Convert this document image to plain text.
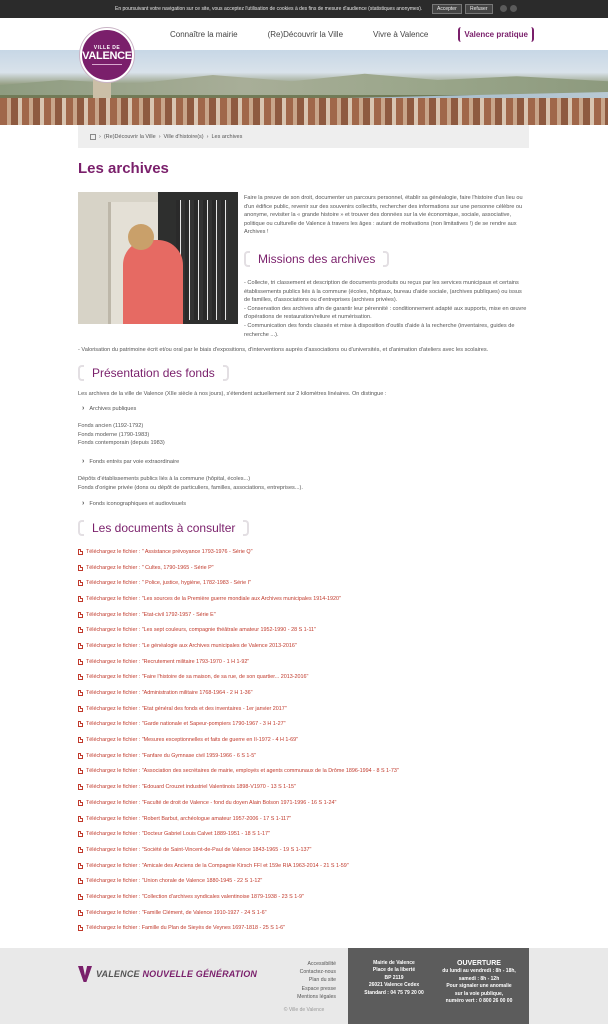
En poursuivant votre navigation sur ce site, vous acceptez l'utilisation de cookies à des fins de mesure d'audience (statistiques anonymes).	Accepter	Refuser
VILLE DE
VALENCE
Connaître la mairie	(Re)Découvrir la Ville	Vivre à Valence	Valence pratique
› (Re)Découvrir la Ville › Ville d'histoire(s) › Les archives
Les archives

Faire la preuve de son droit, documenter un parcours personnel, établir sa généalogie, faire l'histoire d'un lieu ou d'un édifice public, revenir sur des souvenirs collectifs, rechercher des informations sur une personne célèbre ou anonyme, revisiter la « grande histoire » et trouver des données sur la vie économique, sociale, associative, politique ou culturelle de Valence à travers les âges : autant de motivations (non limitatives !) de se rendre aux Archives !

Missions des archives
- Collecte, tri classement et description de documents produits ou reçus par les services municipaux et certains établissements publics liés à la commune (écoles, hôpitaux, bureau d'aide sociale, (archives publiques) ou issus de familles, d'associations ou d'entreprises (archives privées).
- Conservation des archives afin de garantir leur pérennité : conditionnement adapté aux supports, mise en œuvre d'opérations de restauration/reliure et numérisation.
- Communication des fonds classés et mise à disposition d'outils d'aide à la recherche (inventaires, guides de recherche ...).
- Valorisation du patrimoine écrit et/ou oral par le biais d'expositions, d'interventions auprès d'associations ou d'universités, et d'animation d'ateliers avec les scolaires.
Présentation des fonds
Les archives de la ville de Valence (XIIe siècle à nos jours), s'étendent actuellement sur 2 kilomètres linéaires. On distingue :
› Archives publiques
Fonds ancien (1192-1792)
Fonds moderne (1790-1983)
Fonds contemporain (depuis 1983)
› Fonds entrés par voie extraordinaire
Dépôts d'établissements publics liés à la commune (hôpital, écoles...)
Fonds d'origine privée (dons ou dépôt de particuliers, familles, associations, entreprises...).
› Fonds iconographiques et audiovisuels
Les documents à consulter
Téléchargez le fichier : " Assistance prévoyance 1793-1976 - Série Q"
Téléchargez le fichier : " Cultes, 1790-1965 - Série P"
Téléchargez le fichier : " Police, justice, hygiène, 1782-1983 - Série I"
Téléchargez le fichier : "Les sources de la Première guerre mondiale aux Archives municipales 1914-1920"
Téléchargez le fichier : "Etat-civil 1792-1957 - Série E"
Téléchargez le fichier : "Les sept couleurs, compagnie théâtrale amateur 1952-1990 - 28 S 1-11"
Téléchargez le fichier : "Le généalogie aux Archives municipales de Valence 2013-2016"
Téléchargez le fichier : "Recrutement militaire 1793-1970 - 1 H 1-92"
Téléchargez le fichier : "Faire l'histoire de sa maison, de sa rue, de son quartier... 2013-2016"
Téléchargez le fichier : "Administration militaire 1768-1964 - 2 H 1-36"
Téléchargez le fichier : "Etat général des fonds et des inventaires - 1er janvier 2017"
Téléchargez le fichier : "Garde nationale et Sapeur-pompiers 1790-1967 - 3 H 1-27"
Téléchargez le fichier : "Mesures exceptionnelles et faits de guerre en II-1972 - 4 H 1-69"
Téléchargez le fichier : "Fanfare du Gymnase civil 1959-1966 - 6 S 1-5"
Téléchargez le fichier : "Association des secrétaires de mairie, employés et agents communaux de la Drôme 1896-1994 - 8 S 1-73"
Téléchargez le fichier : "Edouard Crouzet industriel Valentinois 1898-V1970 - 13 S 1-15"
Téléchargez le fichier : "Faculté de droit de Valence - fond du doyen Alain Bolson 1971-1996 - 16 S 1-24"
Téléchargez le fichier : "Robert Barbut, archéologue amateur 1957-2006 - 17 S 1-117"
Téléchargez le fichier : "Docteur Gabriel Louis Calvet 1889-1951 - 18 S 1-17"
Téléchargez le fichier : "Société de Saint-Vincent-de-Paul de Valence 1843-1965 - 19 S 1-137"
Téléchargez le fichier : "Amicale des Anciens de la Compagnie Kirsch FFI et 159e RIA 1963-2014 - 21 S 1-59"
Téléchargez le fichier : "Union chorale de Valence 1880-1945 - 22 S 1-12"
Téléchargez le fichier : "Collection d'archives syndicales valentinoise 1879-1938 - 23 S 1-9"
Téléchargez le fichier : "Famille Clément, de Valence 1910-1927 - 24 S 1-6"
Téléchargez le fichier : Famille du Plan de Sieyès de Veynes 1697-1818 - 25 S 1-6"
VALENCE NOUVELLE GÉNÉRATION
Accessibilité
Contactez-nous
Plan du site
Espace presse
Mentions légales
Mairie de Valence
Place de la liberté
BP 2119
26021 Valence Cedex
Standard : 04 75 79 20 00
OUVERTURE
du lundi au vendredi : 8h - 18h,
samedi : 8h - 12h
Pour signaler une anomalie
sur la voie publique,
numéro vert : 0 800 26 00 00
© Ville de Valence
